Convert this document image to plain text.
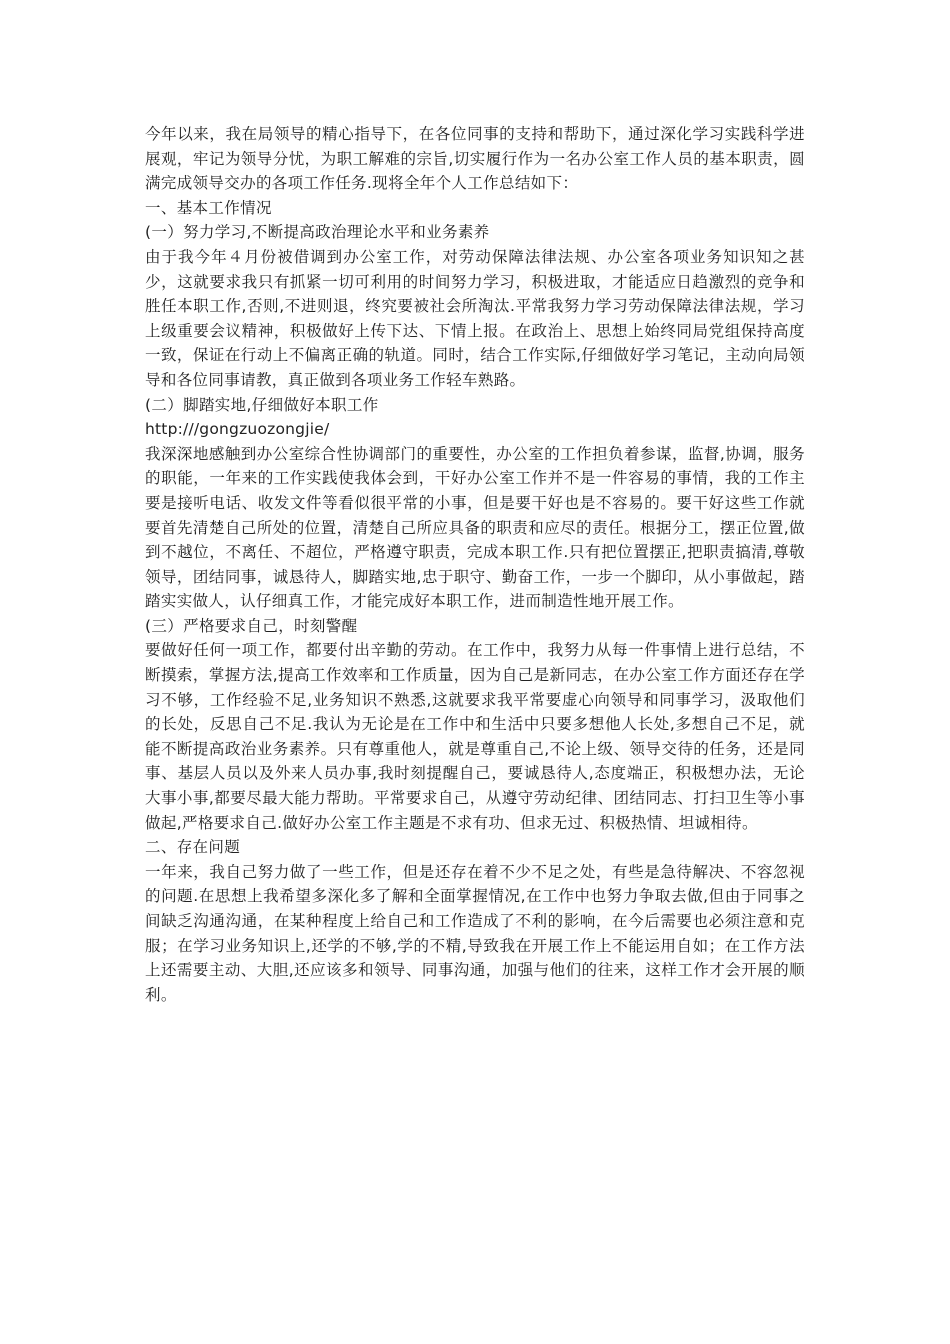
今年以来，我在局领导的精心指导下，在各位同事的支持和帮助下，通过深化学习实践科学进展观，牢记为领导分忧，为职工解难的宗旨,切实履行作为一名办公室工作人员的基本职责，圆满完成领导交办的各项工作任务.现将全年个人工作总结如下：

一、基本工作情况

(一）努力学习,不断提高政治理论水平和业务素养

由于我今年４月份被借调到办公室工作，对劳动保障法律法规、办公室各项业务知识知之甚少，这就要求我只有抓紧一切可利用的时间努力学习，积极进取，才能适应日趋激烈的竞争和胜任本职工作,否则,不进则退，终究要被社会所淘汰.平常我努力学习劳动保障法律法规，学习上级重要会议精神，积极做好上传下达、下情上报。在政治上、思想上始终同局党组保持高度一致，保证在行动上不偏离正确的轨道。同时，结合工作实际,仔细做好学习笔记，主动向局领导和各位同事请教，真正做到各项业务工作轻车熟路。

(二）脚踏实地,仔细做好本职工作

http:///gongzuozongjie/

我深深地感触到办公室综合性协调部门的重要性，办公室的工作担负着参谋，监督,协调，服务的职能，一年来的工作实践使我体会到，干好办公室工作并不是一件容易的事情，我的工作主要是接听电话、收发文件等看似很平常的小事，但是要干好也是不容易的。要干好这些工作就要首先清楚自己所处的位置，清楚自己所应具备的职责和应尽的责任。根据分工，摆正位置,做到不越位，不离任、不超位，严格遵守职责，完成本职工作.只有把位置摆正,把职责搞清,尊敬领导，团结同事，诚恳待人，脚踏实地,忠于职守、勤奋工作，一步一个脚印，从小事做起，踏踏实实做人，认仔细真工作，才能完成好本职工作，进而制造性地开展工作。

(三）严格要求自己，时刻警醒

要做好任何一项工作，都要付出辛勤的劳动。在工作中，我努力从每一件事情上进行总结，不断摸索，掌握方法,提高工作效率和工作质量，因为自己是新同志，在办公室工作方面还存在学习不够，工作经验不足,业务知识不熟悉,这就要求我平常要虚心向领导和同事学习，汲取他们的长处，反思自己不足.我认为无论是在工作中和生活中只要多想他人长处,多想自己不足，就能不断提高政治业务素养。只有尊重他人，就是尊重自己,不论上级、领导交待的任务，还是同事、基层人员以及外来人员办事,我时刻提醒自己，要诚恳待人,态度端正，积极想办法，无论大事小事,都要尽最大能力帮助。平常要求自己，从遵守劳动纪律、团结同志、打扫卫生等小事做起,严格要求自己.做好办公室工作主题是不求有功、但求无过、积极热情、坦诚相待。

二、存在问题

一年来，我自己努力做了一些工作，但是还存在着不少不足之处，有些是急待解决、不容忽视的问题.在思想上我希望多深化多了解和全面掌握情况,在工作中也努力争取去做,但由于同事之间缺乏沟通沟通，在某种程度上给自己和工作造成了不利的影响，在今后需要也必须注意和克服；在学习业务知识上,还学的不够,学的不精,导致我在开展工作上不能运用自如；在工作方法上还需要主动、大胆,还应该多和领导、同事沟通，加强与他们的往来，这样工作才会开展的顺利。
